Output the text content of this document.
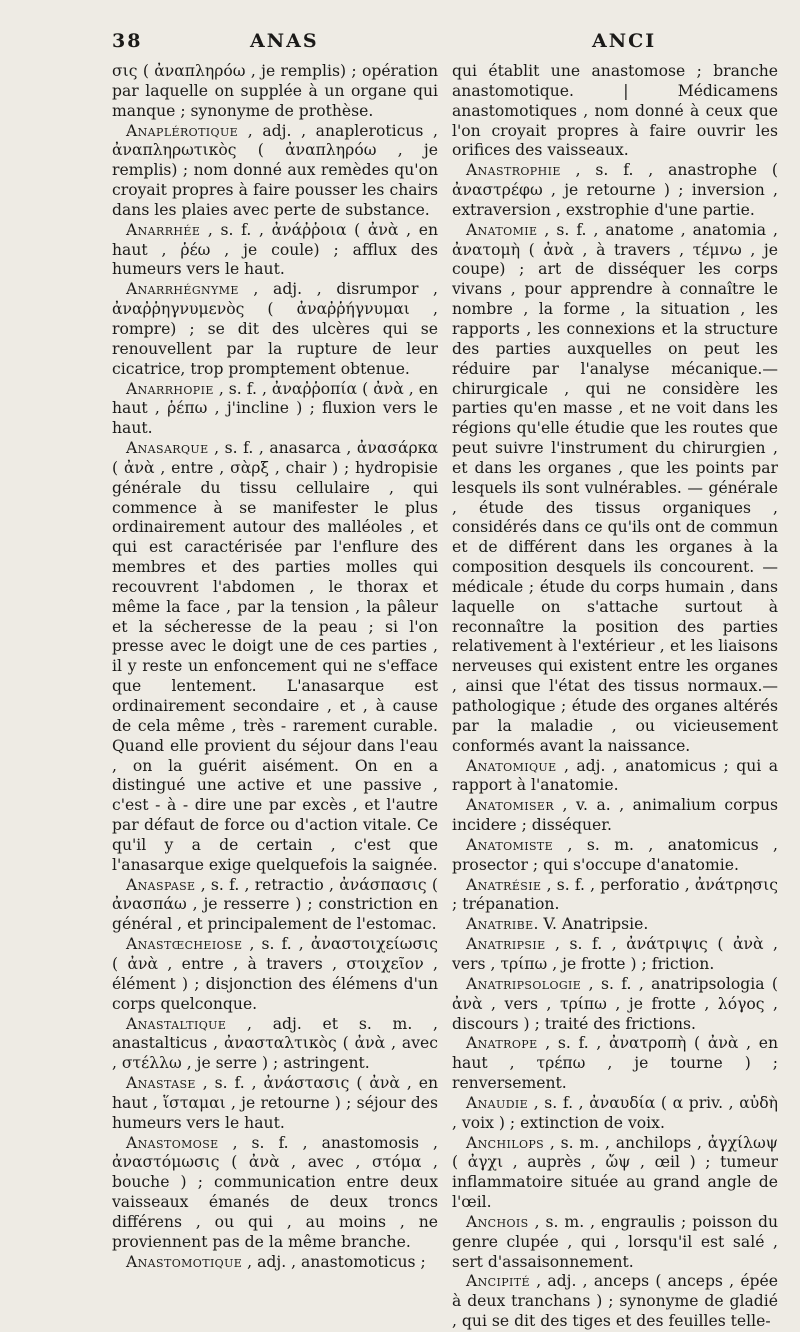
38	ANAS	ANCI

σις ( ἀναπληρόω , je remplis) ; opération par laquelle on supplée à un organe qui manque ; synonyme de prothèse.

Anaplérotique , adj. , anapleroticus , ἀναπληρωτικὸς ( ἀναπληρόω , je remplis) ; nom donné aux remèdes qu'on croyait propres à faire pousser les chairs dans les plaies avec perte de substance.

Anarrhée , s. f. , ἀνάῤῥοια ( ἀνὰ , en haut , ῥέω , je coule) ; afflux des humeurs vers le haut.

Anarrhégnyme , adj. , disrumpor , ἀναῤῥηγνυμενὸς ( ἀναῤῥήγνυμαι , rompre) ; se dit des ulcères qui se renouvellent par la rupture de leur cicatrice, trop promptement obtenue.

Anarrhopie , s. f. , ἀναῤῥοπία ( ἀνὰ , en haut , ῥέπω , j'incline ) ; fluxion vers le haut.

Anasarque , s. f. , anasarca , ἀνασάρκα ( ἀνὰ , entre , σὰρξ , chair ) ; hydropisie générale du tissu cellulaire , qui commence à se manifester le plus ordinairement autour des malléoles , et qui est caractérisée par l'enflure des membres et des parties molles qui recouvrent l'abdomen , le thorax et même la face , par la tension , la pâleur et la sécheresse de la peau ; si l'on presse avec le doigt une de ces parties , il y reste un enfoncement qui ne s'efface que lentement. L'anasarque est ordinairement secondaire , et , à cause de cela même , très - rarement curable. Quand elle provient du séjour dans l'eau , on la guérit aisément. On en a distingué une active et une passive , c'est - à - dire une par excès , et l'autre par défaut de force ou d'action vitale. Ce qu'il y a de certain , c'est que l'anasarque exige quelquefois la saignée.

Anaspase , s. f. , retractio , ἀνάσπασις ( ἀνασπάω , je resserre ) ; constriction en général , et principalement de l'estomac.

Anastœcheiose , s. f. , ἀναστοιχείωσις ( ἀνὰ , entre , à travers , στοιχεῖον , élément ) ; disjonction des élémens d'un corps quelconque.

Anastaltique , adj. et s. m. , anastalticus , ἀνασταλτικὸς ( ἀνὰ , avec , στέλλω , je serre ) ; astringent.

Anastase , s. f. , ἀνάστασις ( ἀνὰ , en haut , ἵσταμαι , je retourne ) ; séjour des humeurs vers le haut.

Anastomose , s. f. , anastomosis , ἀναστόμωσις ( ἀνὰ , avec , στόμα , bouche ) ; communication entre deux vaisseaux émanés de deux troncs différens , ou qui , au moins , ne proviennent pas de la même branche.

Anastomotique , adj. , anastomoticus ;

qui établit une anastomose ; branche anastomotique. | Médicamens anastomotiques , nom donné à ceux que l'on croyait propres à faire ouvrir les orifices des vaisseaux.

Anastrophie , s. f. , anastrophe ( ἀναστρέφω , je retourne ) ; inversion , extraversion , exstrophie d'une partie.

Anatomie , s. f. , anatome , anatomia , ἀνατομὴ ( ἀνὰ , à travers , τέμνω , je coupe) ; art de disséquer les corps vivans , pour apprendre à connaître le nombre , la forme , la situation , les rapports , les connexions et la structure des parties auxquelles on peut les réduire par l'analyse mécanique.—chirurgicale , qui ne considère les parties qu'en masse , et ne voit dans les régions qu'elle étudie que les routes que peut suivre l'instrument du chirurgien , et dans les organes , que les points par lesquels ils sont vulnérables. — générale , étude des tissus organiques , considérés dans ce qu'ils ont de commun et de différent dans les organes à la composition desquels ils concourent. — médicale ; étude du corps humain , dans laquelle on s'attache surtout à reconnaître la position des parties relativement à l'extérieur , et les liaisons nerveuses qui existent entre les organes , ainsi que l'état des tissus normaux.—pathologique ; étude des organes altérés par la maladie , ou vicieusement conformés avant la naissance.

Anatomique , adj. , anatomicus ; qui a rapport à l'anatomie.

Anatomiser , v. a. , animalium corpus incidere ; disséquer.

Anatomiste , s. m. , anatomicus , prosector ; qui s'occupe d'anatomie.

Anatrésie , s. f. , perforatio , ἀνάτρησις ; trépanation.

Anatribe. V. Anatripsie.

Anatripsie , s. f. , ἀνάτριψις ( ἀνὰ , vers , τρίπω , je frotte ) ; friction.

Anatripsologie , s. f. , anatripsologia ( ἀνὰ , vers , τρίπω , je frotte , λόγος , discours ) ; traité des frictions.

Anatrope , s. f. , ἀνατροπὴ ( ἀνὰ , en haut , τρέπω , je tourne ) ; renversement.

Anaudie , s. f. , ἀναυδία ( α priv. , αὐδὴ , voix ) ; extinction de voix.

Anchilops , s. m. , anchilops , ἀγχίλωψ ( ἀγχι , auprès , ὤψ , œil ) ; tumeur inflammatoire située au grand angle de l'œil.

Anchois , s. m. , engraulis ; poisson du genre clupée , qui , lorsqu'il est salé , sert d'assaisonnement.

Ancipité , adj. , anceps ( anceps , épée à deux tranchans ) ; synonyme de gladié , qui se dit des tiges et des feuilles telle-
